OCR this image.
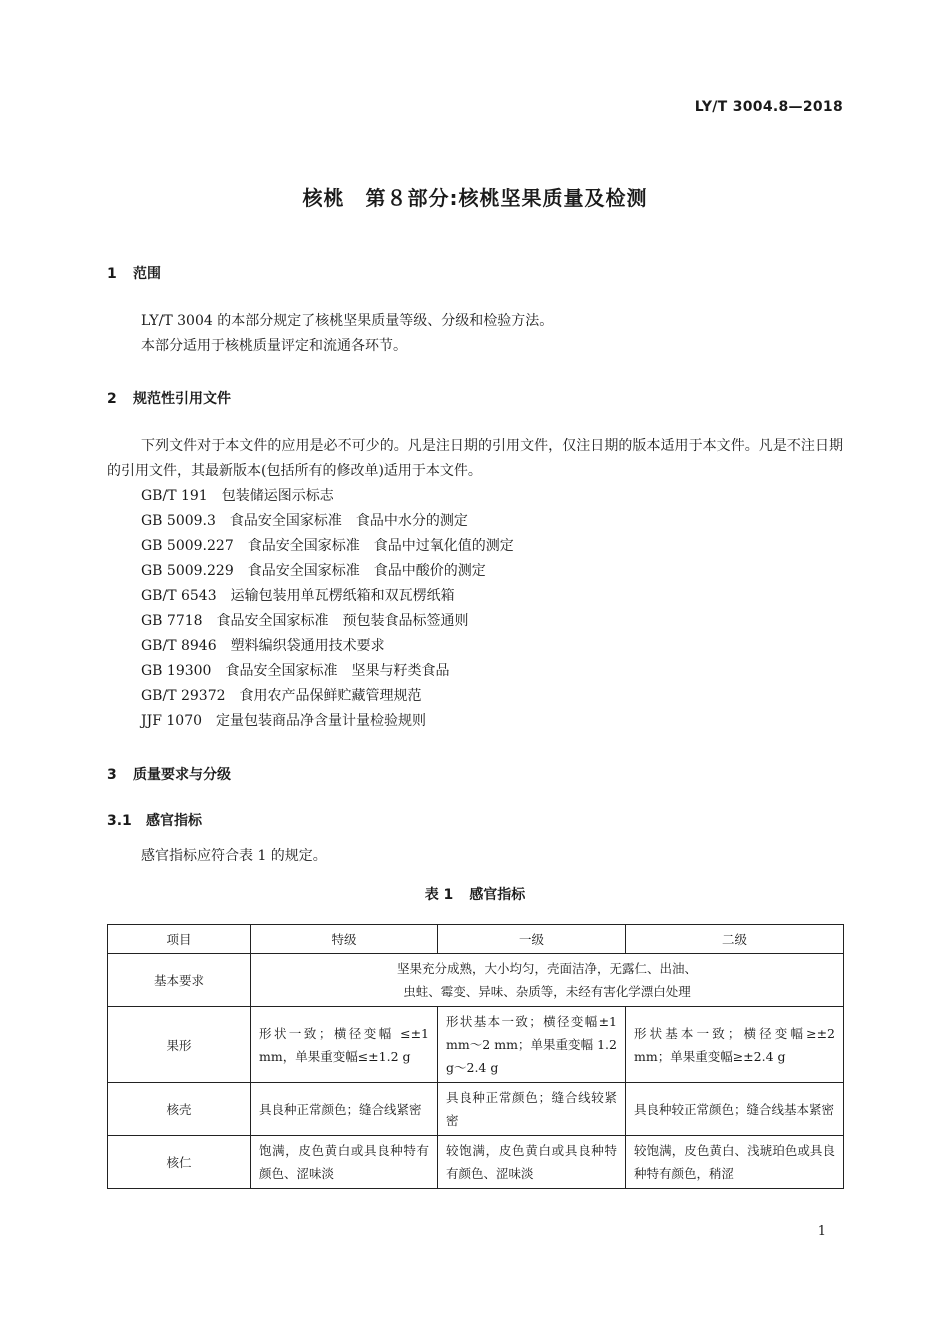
LY/T 3004.8—2018
核桃　第８部分:核桃坚果质量及检测
1 范围
LY/T 3004 的本部分规定了核桃坚果质量等级、分级和检验方法。
本部分适用于核桃质量评定和流通各环节。
2 规范性引用文件
下列文件对于本文件的应用是必不可少的。凡是注日期的引用文件，仅注日期的版本适用于本文件。凡是不注日期的引用文件，其最新版本(包括所有的修改单)适用于本文件。
GB/T 191 包装储运图示标志
GB 5009.3 食品安全国家标准　食品中水分的测定
GB 5009.227 食品安全国家标准　食品中过氧化值的测定
GB 5009.229 食品安全国家标准　食品中酸价的测定
GB/T 6543 运输包装用单瓦楞纸箱和双瓦楞纸箱
GB 7718 食品安全国家标准　预包装食品标签通则
GB/T 8946 塑料编织袋通用技术要求
GB 19300 食品安全国家标准　坚果与籽类食品
GB/T 29372 食用农产品保鲜贮藏管理规范
JJF 1070 定量包装商品净含量计量检验规则
3 质量要求与分级
3.1 感官指标
感官指标应符合表 1 的规定。
表 1 感官指标
项目	特级	一级	二级
基本要求	坚果充分成熟，大小均匀，壳面洁净，无露仁、出油、
虫蛀、霉变、异味、杂质等，未经有害化学漂白处理		

果形	形状一致；横径变幅 ≤±1 mm，单果重变幅≤±1.2 g	形状基本一致；横径变幅±1 mm～2 mm；单果重变幅 1.2 g～2.4 g	形状基本一致；横径变幅≥±2 mm；单果重变幅≥±2.4 g
核壳	具良种正常颜色；缝合线紧密	具良种正常颜色；缝合线较紧密	具良种较正常颜色；缝合线基本紧密
核仁	饱满，皮色黄白或具良种特有颜色、涩味淡	较饱满，皮色黄白或具良种特有颜色、涩味淡	较饱满，皮色黄白、浅琥珀色或具良种特有颜色，稍涩
1
